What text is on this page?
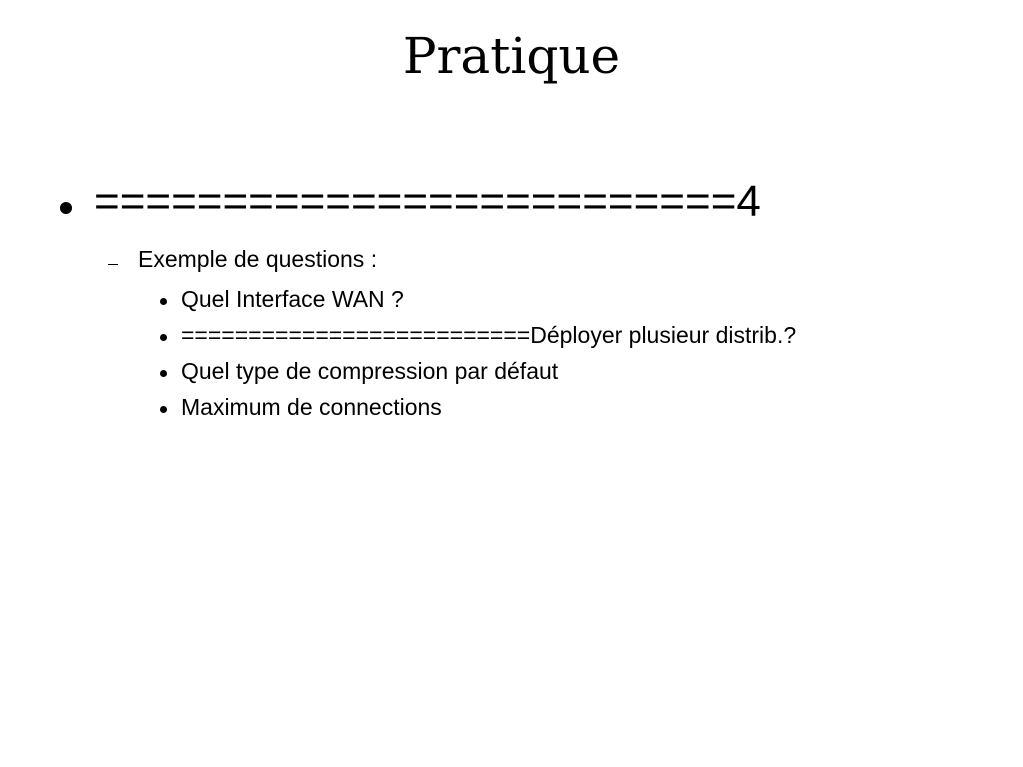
Pratique
=========================4
Exemple de questions :
Quel Interface WAN ?
==========================Déployer plusieur distrib.?
Quel type de compression par défaut
Maximum de connections
